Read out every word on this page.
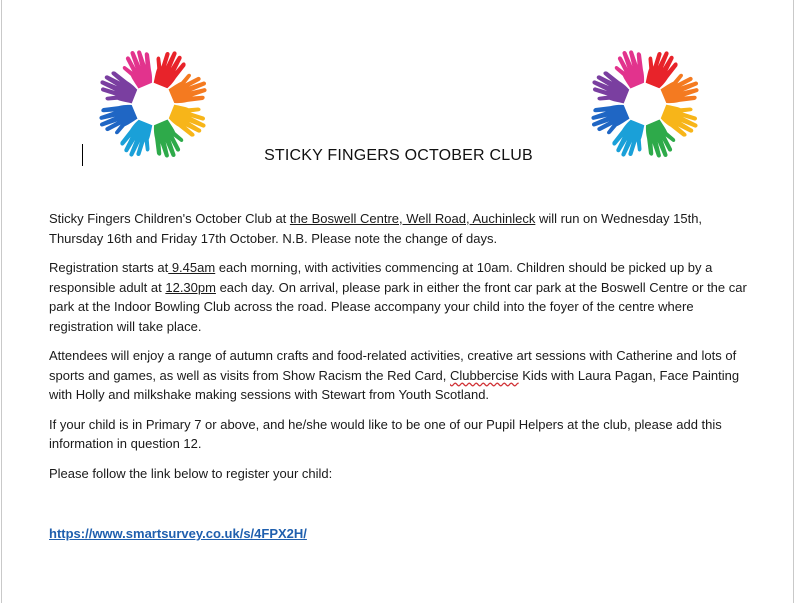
STICKY FINGERS OCTOBER CLUB

Sticky Fingers Children's October Club at the Boswell Centre, Well Road, Auchinleck will run on Wednesday 15th, Thursday 16th and Friday 17th October. N.B. Please note the change of days.

Registration starts at 9.45am each morning, with activities commencing at 10am. Children should be picked up by a responsible adult at 12.30pm each day. On arrival, please park in either the front car park at the Boswell Centre or the car park at the Indoor Bowling Club across the road. Please accompany your child into the foyer of the centre where registration will take place.

Attendees will enjoy a range of autumn crafts and food-related activities, creative art sessions with Catherine and lots of sports and games, as well as visits from Show Racism the Red Card, Clubbercise Kids with Laura Pagan, Face Painting with Holly and milkshake making sessions with Stewart from Youth Scotland.

If your child is in Primary 7 or above, and he/she would like to be one of our Pupil Helpers at the club, please add this information in question 12.

Please follow the link below to register your child:

https://www.smartsurvey.co.uk/s/4FPX2H/
